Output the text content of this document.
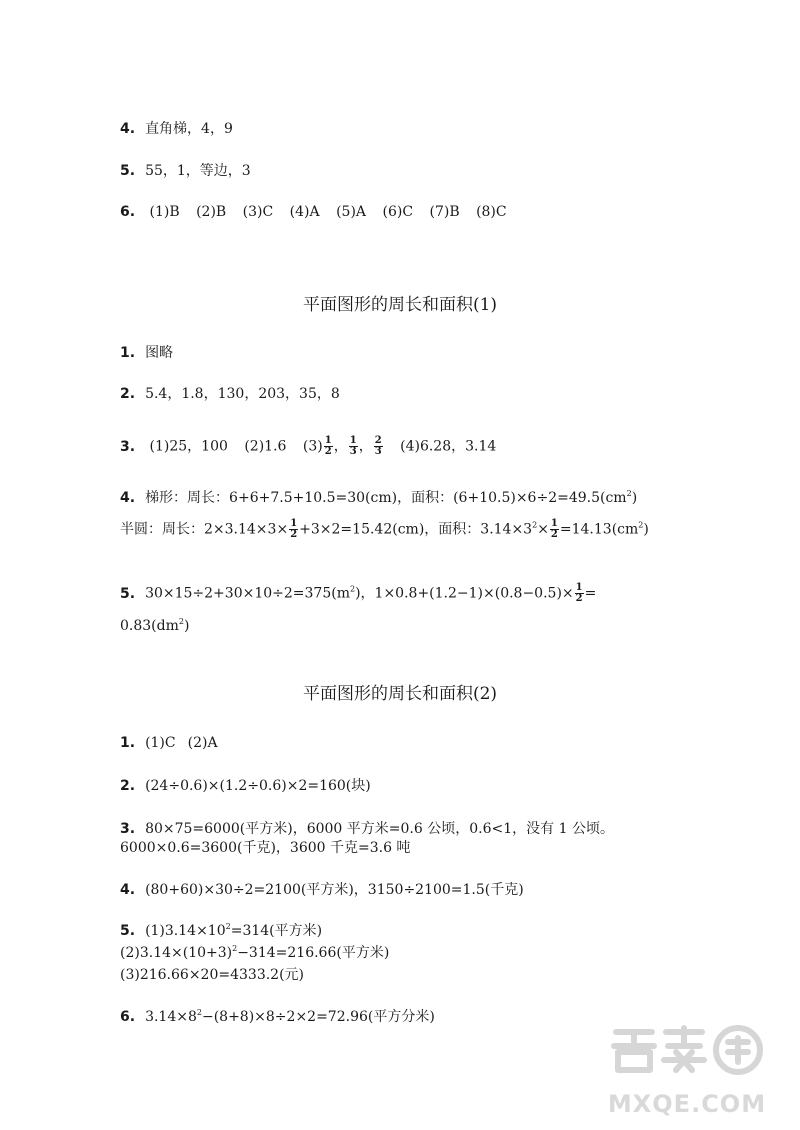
4. 直角梯，4，9
5. 55，1，等边，3
6. (1)B (2)B (3)C (4)A (5)A (6)C (7)B (8)C
平面图形的周长和面积(1)
1. 图略
2. 5.4，1.8，130，203，35，8
3. (1)25，100 (2)1.6 $(3) \frac{1}{2}$ ， $\frac{1}{3}$ ， $\frac{2}{3} (4)6.28$，3.14
4. 梯形：周长：6+6+7.5+10.5=30(cm)，面积：$(6+10.5)\times 6\div 2=49.5(cm^2)$
半圆：周长：$2\times 3.14\times 3\times \frac{1}{2} +3\times 2=15.42(cm)$，面积：$3.14\times 3^2\times \frac{1}{2} =14.13(cm^2)$
5. $30\times 15\div 2+30\times 10\div 2=375(m^2)$，$1\times 0.8+(1.2-1)\times(0.8-0.5)\times \frac{1}{2}$ =
$0.83(dm^2)$
平面图形的周长和面积(2)
1. (1)C (2)A
2. (24÷0.6)×(1.2÷0.6)×2=160(块)
3. 80×75=6000(平方米)，6000 平方米=0.6 公顷，0.6<1，没有 1 公顷。
6000×0.6=3600(千克)，3600 千克=3.6 吨
4. (80+60)×30÷2=2100(平方米)，3150÷2100=1.5(千克)
5. $(1)3.14\times 10^2=314$(平方米)
$(2)3.14\times(10+3)^2-314=216.66$(平方米)
(3)216.66×20=4333.2(元)
6. $3.14\times 8^2-(8+8)\times 8\div 2\times 2=72.96$(平方分米)
MXQE.COM
